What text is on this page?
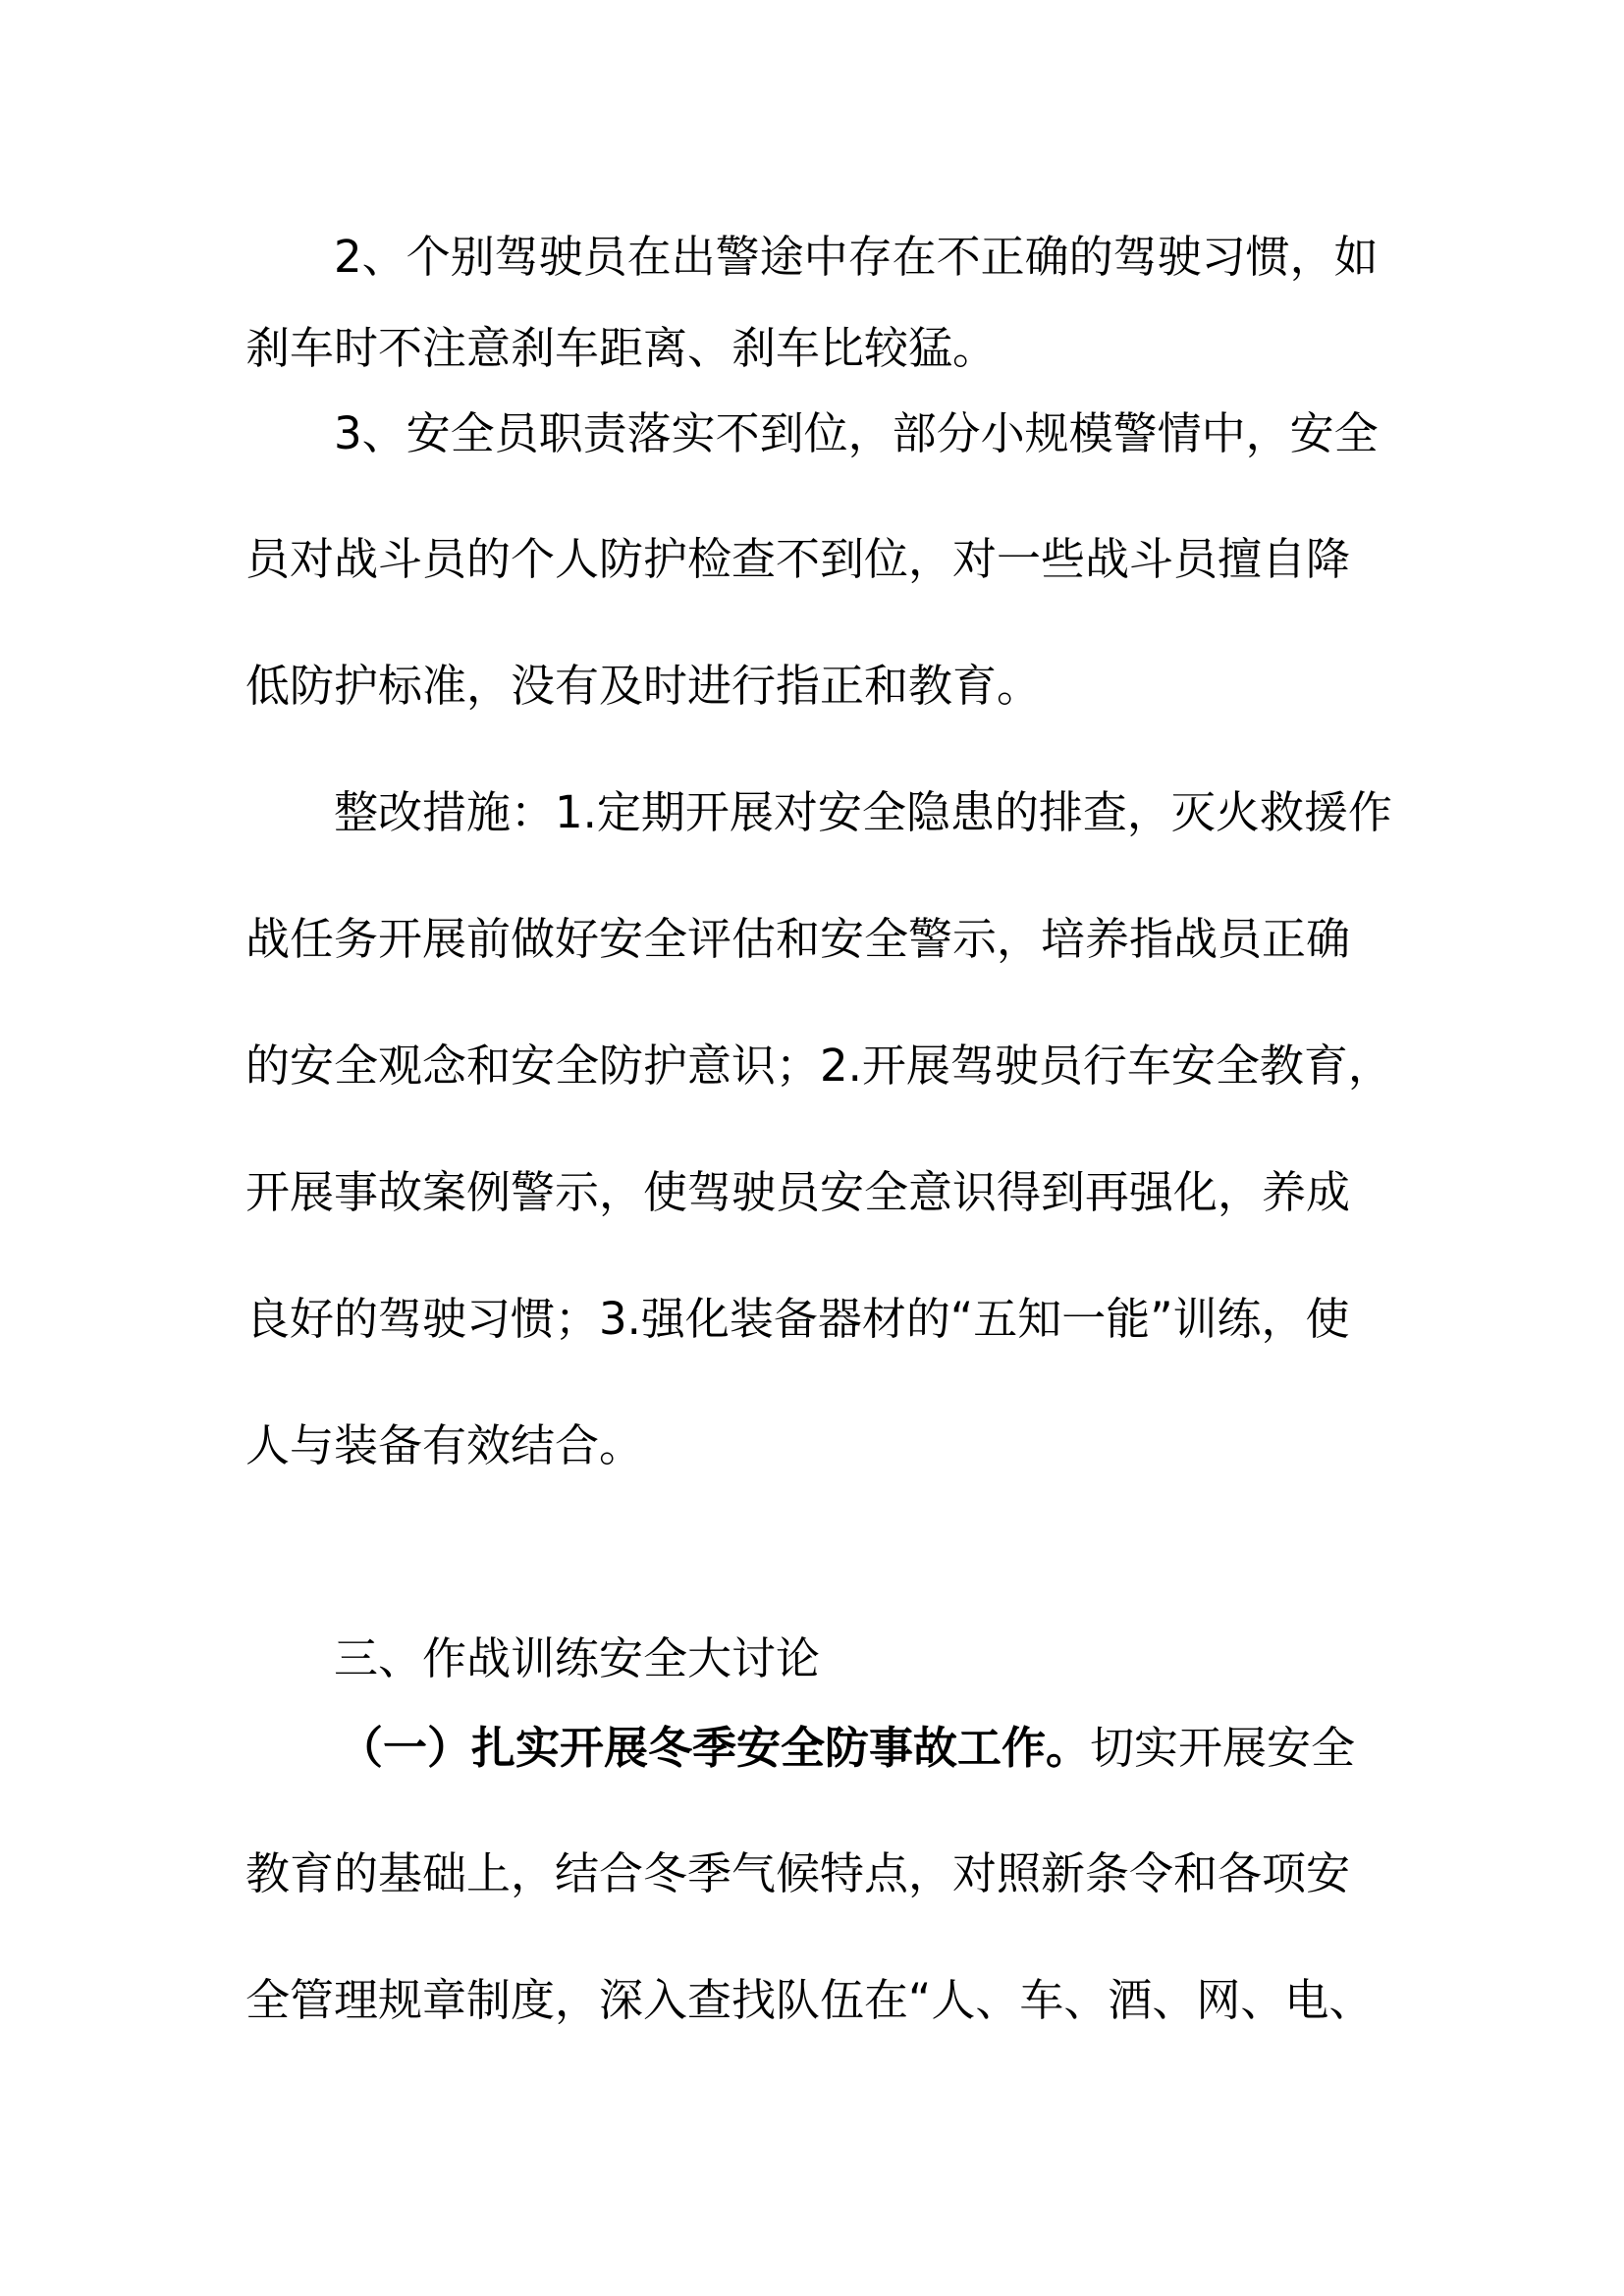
2、个别驾驶员在出警途中存在不正确的驾驶习惯，如
刹车时不注意刹车距离、刹车比较猛。
3、安全员职责落实不到位，部分小规模警情中，安全
员对战斗员的个人防护检查不到位，对一些战斗员擅自降
低防护标准，没有及时进行指正和教育。
整改措施：1.定期开展对安全隐患的排查，灭火救援作
战任务开展前做好安全评估和安全警示，培养指战员正确
的安全观念和安全防护意识；2.开展驾驶员行车安全教育，
开展事故案例警示，使驾驶员安全意识得到再强化，养成
良好的驾驶习惯；3.强化装备器材的“五知一能”训练，使
人与装备有效结合。
三、作战训练安全大讨论
（一）扎实开展冬季安全防事故工作。切实开展安全
教育的基础上，结合冬季气候特点，对照新条令和各项安
全管理规章制度，深入查找队伍在“人、车、酒、网、电、
